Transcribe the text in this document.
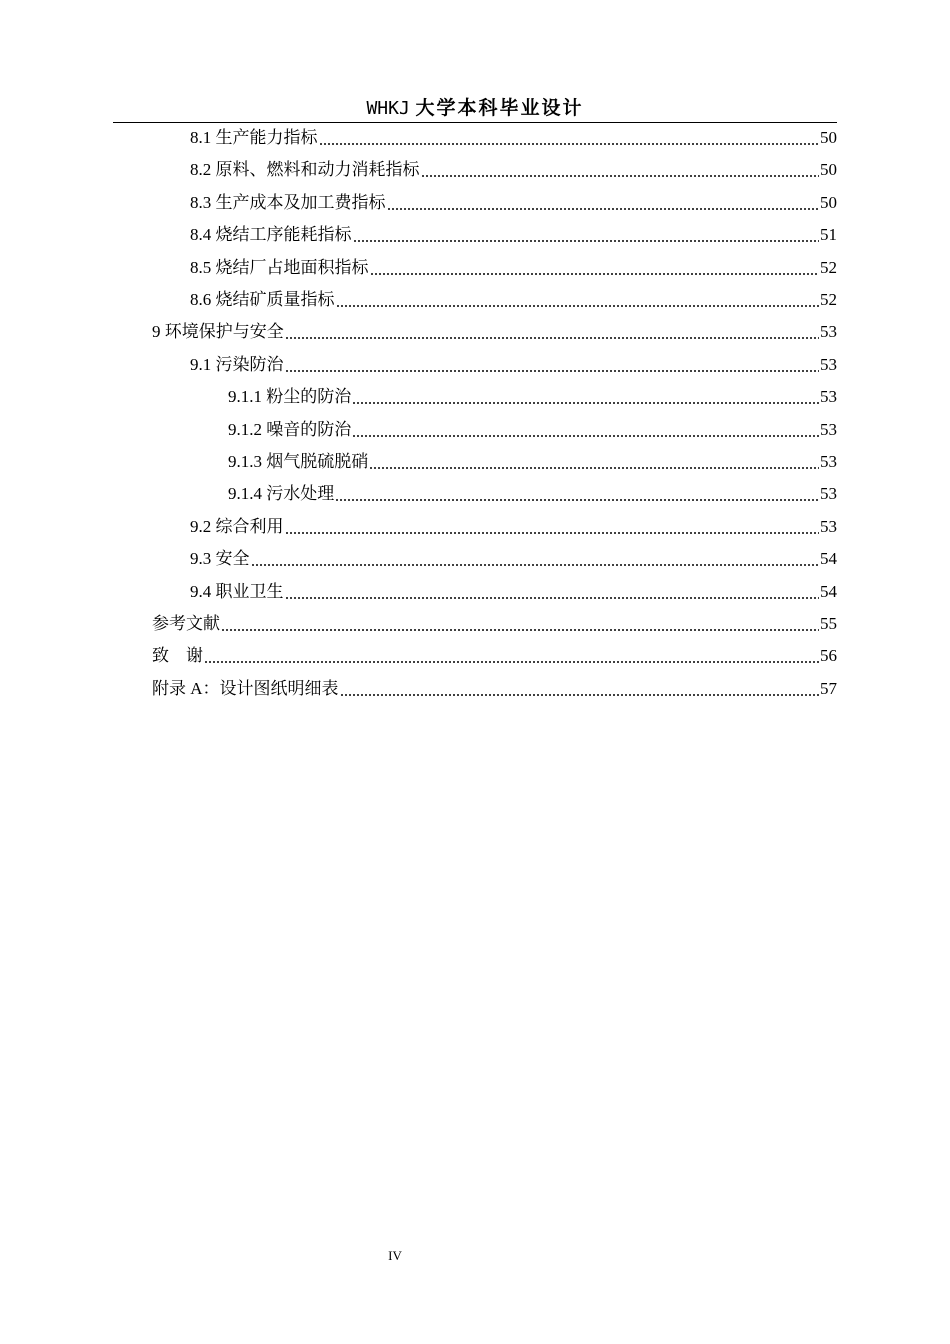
WHKJ 大学本科毕业设计
8.1 生产能力指标	50
8.2 原料、燃料和动力消耗指标	50
8.3 生产成本及加工费指标	50
8.4 烧结工序能耗指标	51
8.5 烧结厂占地面积指标	52
8.6 烧结矿质量指标	52
9 环境保护与安全	53
9.1 污染防治	53
9.1.1 粉尘的防治	53
9.1.2 噪音的防治	53
9.1.3 烟气脱硫脱硝	53
9.1.4 污水处理	53
9.2 综合利用	53
9.3 安全	54
9.4 职业卫生	54
参考文献	55
致　谢	56
附录 A：设计图纸明细表	57
IV
